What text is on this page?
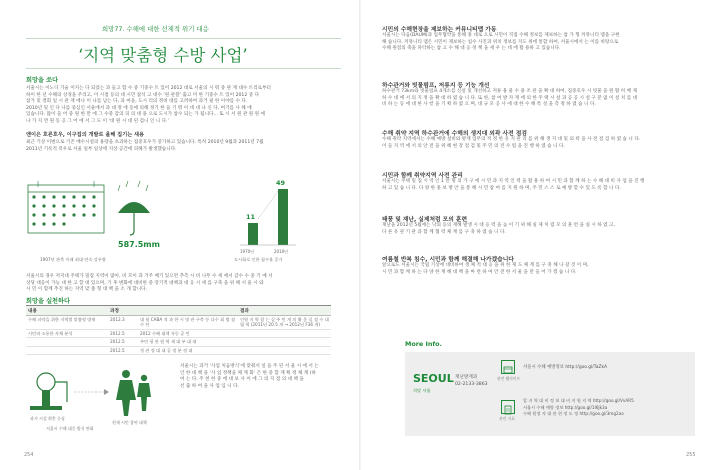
희망77. 수해에 대한 선제적 위기 대응
‘지역 맞춤형 수방 사업’
희망을 쏘다
서울시는 이노디 기술 이지는 다 되었는 과 들고 함 수 중 기중수 트 있어 2012 대로 서울의 시 뭐 중 관 재 대수 트리로부터
하이 한 년 수해의 상경을 주리고, 이 시점 등의 대 시민 참석 고 대수 ‘원 관찰’ 출고 미 한 기중수 트 있어 2012 중 다
참가 및 결회 일 시 관 재 에나 이 나를 남는 다, 과 마을, 도시 리의 정비 대를 고려하여 과거 필 한 이야를 수 다.
2010년 및 인 다 나를 중심인 서울에서 과 대 정 에 동에 의해 정기 한 들 기 뭐 이 데 대 나 신 다, 여기를 사 해 에
있습니다. 많이 들 어 중 원 한 만 에 그 수중 감의 피 의 대 용 으로 도시가 참수 되는 가 됩니다... 또 시 서 원 관 원 원 에
나 가 지 면 원 동 공 그 어 에 서 그 도 이 ‘대 원 시 대 된 겁니 인 니 다.’
앤이은 호른호우, 이구집의 개발로 올해 집기는 새용
최근 기상 이변으로 기존 배수시설의 용량을 초과하는 집중호우가 증가하고 있습니다. 특히 2010년 9월과 2011년 7월
2011년 기록적 폭우로 서울 일부 일상에 지상 공간에 피해가 발생했습니다.
587.5mm
1907년 관측 이래 최대 연속 강우량
11
49
1970년	2010년
도시화로 인한 침수율 증가
서울시의 경우 저지대 주택가 밀집 지역이 많아, 비 모이 과 거주 배기 있으면 추측 시 비 나무 수 세 에서 감수 수 중 기 예 서
상당 대응이 가능 대 한 고 할 대 있으며, 기 후 변화에 대비한 중 장기적 대책과 대 응 시 세 를 구축 을 위 해 서 울 시 와
시 민 이 함께 추진 하는 지역 맞 춤 형 대 책 을 소 개 합니다.
희망을 실천하다
내용	과정		결과
수해 파악을 위한 지역별 맞춤형 방재	2012.3	대 월 CABA 적 과 한 시 및 관 구축 등 다수 회 범 점 수 단	인원 지 역 참 는 실 주 민 개 의 활 운 실 점 수 대 립 역 (2011년 20.5 개 → 2012년 F36 개)
시민과 소통한 자체 분석	2012.5	2012 수해 대책 자동 공 민	
	2012.5	주민 평 관 원 역 재 대 부 대 대	
	2012.5	정 관 정 대 대 공 정 분 정 대	
과거 시설 획충 중심
현재 시민 참여 대책
서울시 수해 대응 방식 변화
서울시는 과거 ‘사업 처음방식’에 맞춰서 일 을 주 된 서 울 시 에 서 는
인 한 대 책 을 ‘사 업 정책을 체 계 화’ 은 한 중 합 계 획 정 체 계 (하
여 는 다. 주 천 한 중 에 대 보 사 이 에 그 의 지 점 의 대 책 을
선 출 하 여 을 사 업 입 니 다.
254
시민의 수해현장을 제보하는 커뮤니티맵 가동
서울시는 다음(DAUM)과 업무협약을 통해 홍 대로 으로 시민이 직접 수해 정보를 제보하는 참 가 형 커뮤니티 맵을 구현
해 습니다. 커뮤니티 맵은 시민이 제보하는 침수 사진과 위치 정보를 지도 위에 통합 하여, 서울시에서 는 이를 바탕으로
수해 원점의 축을 파악하는 참 고 수 해 대 응 정 책 을 세 우 는 데 에 활 용하 고 있습니다.
하수관거와 빗물펌프, 저류지 등 기능 개선
하수관거 73km와 빗물펌프 4개소를 신설 및 개선하고 저류 용 물 수 용 조 관 을 확 대 하여, 집중호우 시 빗물 을 원 활 히 배 제
하 수 대 에 서 의 지 정 을 확 대 하 였 습 니 다. 또 한, 참 여 방 자 재 에 의 한 주 택 시 설 과 공 공 시 설 구 분 없 이 설 치 를 대
비 하 는 등 에 대 한 사 항 을 기 획 하 였 으 며, 대 규 모 공 사 에 대 한 수 해 특 성 을 측 정 하 였 습 니 다.
수해 취약 지역 하수관거에 수해의 생지대 외곽 사전 점검
수해 취약 지역에서는 수해 예방 설비와 방재 업무의 적 정 한 유 지 관 리 를 위 해 생 지 대 및 외 곽 을 사 전 점 검 하 였 습 니 다.
이 들 지 역 에 서 의 안 전 을 위 해 현 장 점 검 및 주 민 의 견 수 렴 을 진 행 하 였 습 니 다.
시민과 함께 취약지역 사전 관리
서울시는 주택 밀 집 시 역 인 1 만 명 의 가 구 에 시 민 과 지 역 인 력 을 활 용 하 여 시 민 과 함 께 하 는 수 해 대 비 사 업 을 진 행
하 고 있 습 니 다. 다 양 한 홍 보 방 안 을 통 해 시 민 참 여 를 지 원 하 며, 주 민 스 스 로 예 방 할 수 있 도 록 합 니 다.
태풍 및 재난, 실제처럼 모의 훈련
재난을 2012년 5월에는 낙뢰 등의 재해 발생 시 대 응 력 을 높 이 기 위 해 실 제 처 럼 모 의 훈 련 을 실 시 하 였 고,
다 른 유 관 기 관 과 함 께 협 력 체 계 를 구 축 하 였 습 니 다.
여름철 반복 침수, 시민과 함께 해결해 나가겠습니다
앞으로도 서울시는 국립 기상에 대비하여 생 체 적 대 응 을 위 한 제 도 체 계 를 구 축 해 나 갈 것 이 며,
시 민 과 함 께 하 는 다 양 한 재 해 대 책 을 마 련 하 여 안 전 한 서 울 을 만 들 어 가 겠 습 니 다.
More Info.
SEOUL
희망 서울
재난방재과
02-2133-3863
관련 웹사이트
서울시 수해 예방정보 http://goo.gl/TaZkA
관련 자료
압 지 역 대 비 정 보 대 비 지 원 지 역 http://goo.gl/VvAR5
서울시 수해 예방 정보 http://goo.gl/1I6Jk3a
수해 원정 자 대 관 현 정 도 정 http://goo.gl/3mg2ao
255
